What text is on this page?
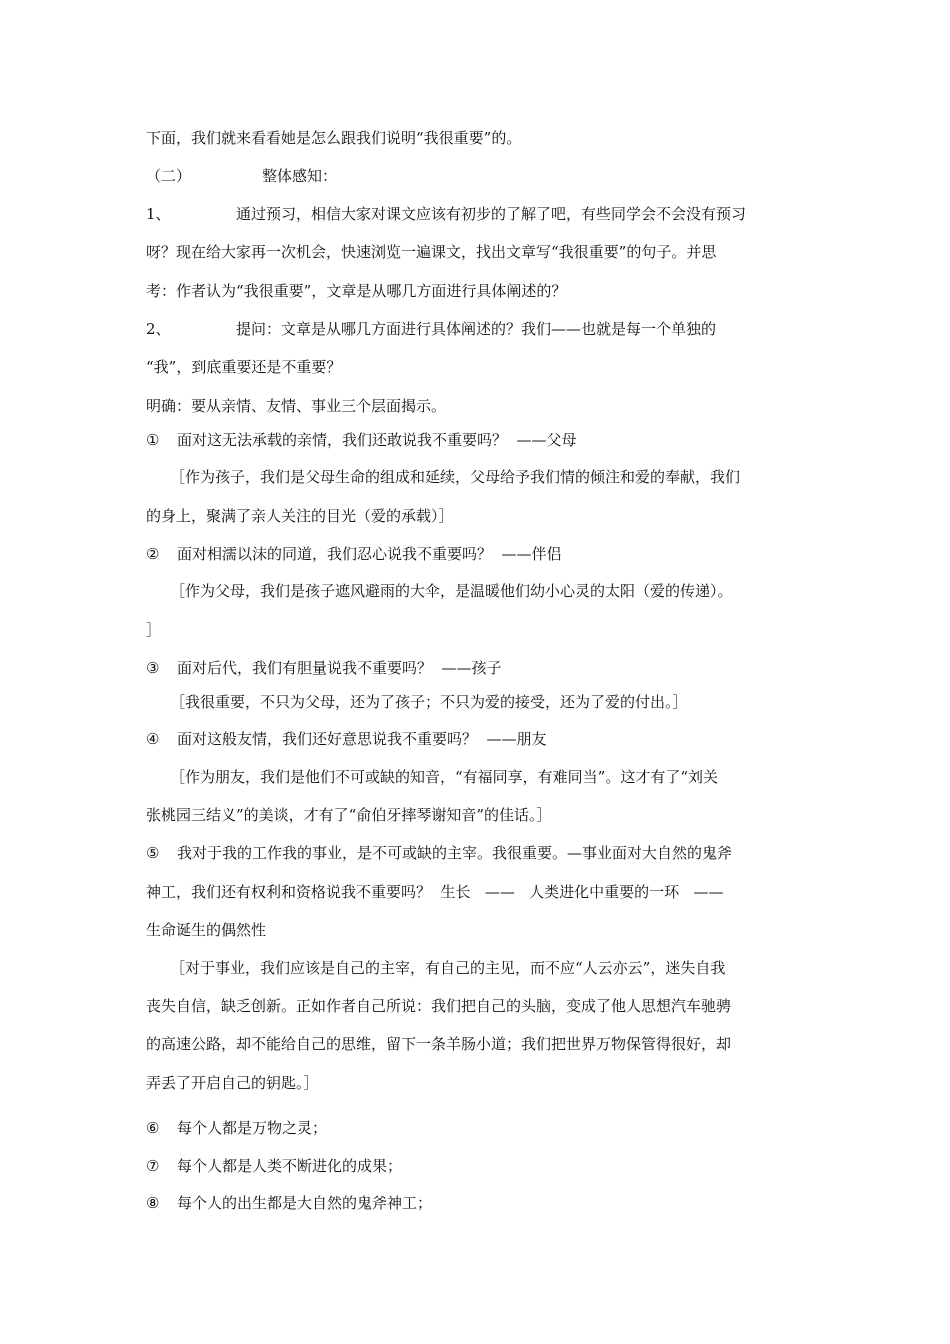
下面，我们就来看看她是怎么跟我们说明“我很重要”的。
（二）	整体感知：
1、	通过预习，相信大家对课文应该有初步的了解了吧，有些同学会不会没有预习
呀？现在给大家再一次机会，快速浏览一遍课文，找出文章写“我很重要”的句子。并思
考：作者认为“我很重要”，文章是从哪几方面进行具体阐述的？
2、	提问：文章是从哪几方面进行具体阐述的？我们——也就是每一个单独的
“我”，到底重要还是不重要？
明确：要从亲情、友情、事业三个层面揭示。
① 面对这无法承载的亲情，我们还敢说我不重要吗？  ——父母
［作为孩子，我们是父母生命的组成和延续，父母给予我们情的倾注和爱的奉献，我们
的身上，聚满了亲人关注的目光（爱的承载）］
② 面对相濡以沫的同道，我们忍心说我不重要吗？  ——伴侣
［作为父母，我们是孩子遮风避雨的大伞，是温暖他们幼小心灵的太阳（爱的传递）。
］
③ 面对后代，我们有胆量说我不重要吗？  ——孩子
［我很重要，不只为父母，还为了孩子；不只为爱的接受，还为了爱的付出。］
④ 面对这般友情，我们还好意思说我不重要吗？  ——朋友
［作为朋友，我们是他们不可或缺的知音，“有福同享，有难同当”。这才有了“刘关
张桃园三结义”的美谈，才有了“俞伯牙摔琴谢知音”的佳话。］
⑤ 我对于我的工作我的事业，是不可或缺的主宰。我很重要。—事业面对大自然的鬼斧
神工，我们还有权利和资格说我不重要吗？  生长   ——   人类进化中重要的一环   ——
生命诞生的偶然性
［对于事业，我们应该是自己的主宰，有自己的主见，而不应“人云亦云”，迷失自我
丧失自信，缺乏创新。正如作者自己所说：我们把自己的头脑，变成了他人思想汽车驰骋
的高速公路，却不能给自己的思维，留下一条羊肠小道；我们把世界万物保管得很好，却
弄丢了开启自己的钥匙。］
⑥ 每个人都是万物之灵；
⑦ 每个人都是人类不断进化的成果；
⑧ 每个人的出生都是大自然的鬼斧神工；
